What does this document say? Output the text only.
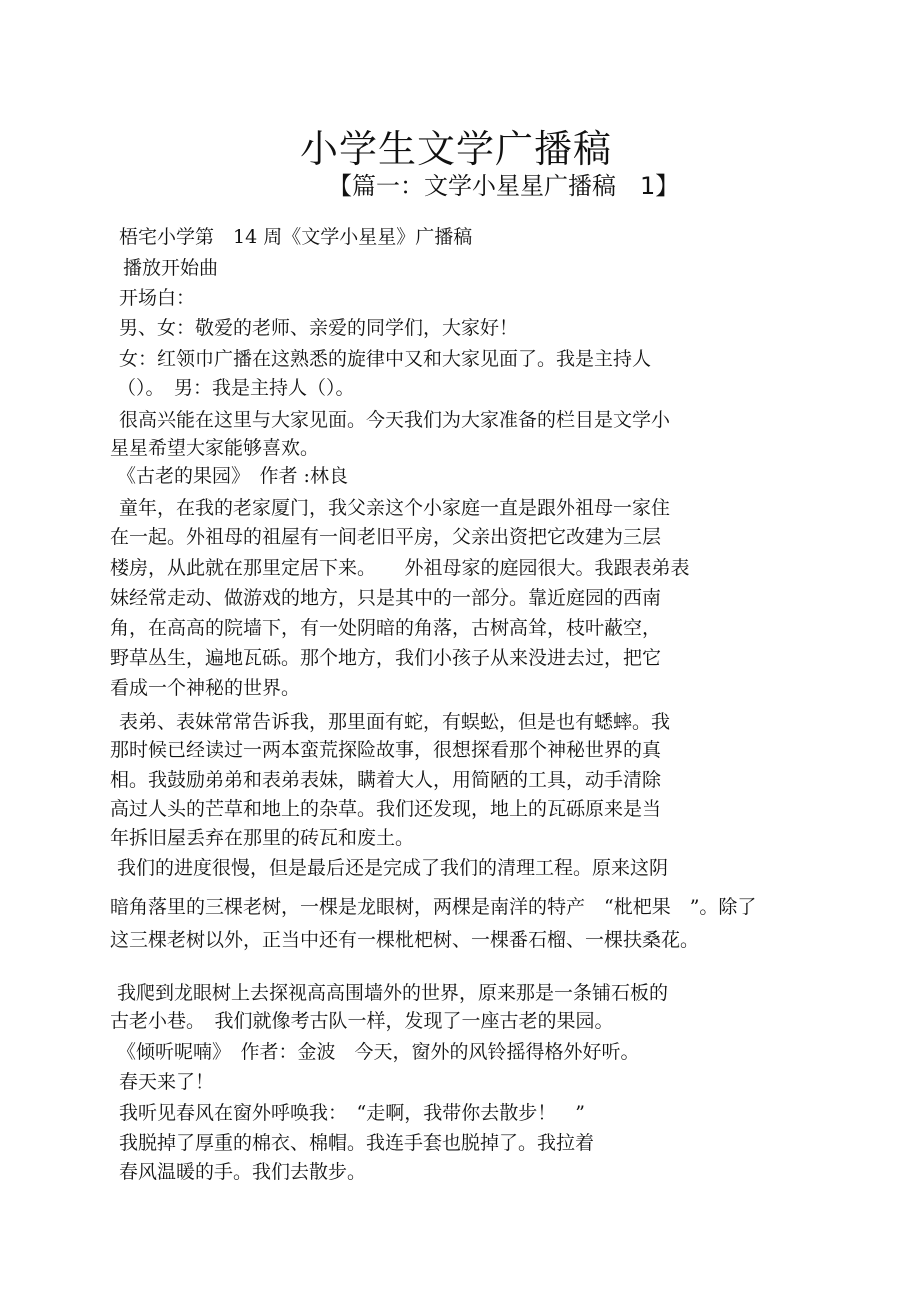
小学生文学广播稿
【篇一：文学小星星广播稿　1】
梧宅小学第　14 周《文学小星星》广播稿
播放开始曲
开场白：
男、女：敬爱的老师、亲爱的同学们，大家好！
女：红领巾广播在这熟悉的旋律中又和大家见面了。我是主持人
（）。　男：我是主持人（）。
很高兴能在这里与大家见面。今天我们为大家准备的栏目是文学小
星星希望大家能够喜欢。
《古老的果园》　作者 :林良
童年，在我的老家厦门，我父亲这个小家庭一直是跟外祖母一家住
在一起。外祖母的祖屋有一间老旧平房，父亲出资把它改建为三层
楼房，从此就在那里定居下来。　　外祖母家的庭园很大。我跟表弟表
妹经常走动、做游戏的地方，只是其中的一部分。靠近庭园的西南
角，在高高的院墙下，有一处阴暗的角落，古树高耸，枝叶蔽空，
野草丛生，遍地瓦砾。那个地方，我们小孩子从来没进去过，把它
看成一个神秘的世界。
表弟、表妹常常告诉我，那里面有蛇，有蜈蚣，但是也有蟋蟀。我
那时候已经读过一两本蛮荒探险故事，很想探看那个神秘世界的真
相。我鼓励弟弟和表弟表妹，瞒着大人，用简陋的工具，动手清除
高过人头的芒草和地上的杂草。我们还发现，地上的瓦砾原来是当
年拆旧屋丢弃在那里的砖瓦和废土。
我们的进度很慢，但是最后还是完成了我们的清理工程。原来这阴
暗角落里的三棵老树，一棵是龙眼树，两棵是南洋的特产　“枇杷果　”。除了
这三棵老树以外，正当中还有一棵枇杷树、一棵番石榴、一棵扶桑花。
我爬到龙眼树上去探视高高围墙外的世界，原来那是一条铺石板的
古老小巷。　我们就像考古队一样，发现了一座古老的果园。
《倾听呢喃》　作者：金波　今天，窗外的风铃摇得格外好听。
春天来了！
我听见春风在窗外呼唤我：　“走啊，我带你去散步！　”
我脱掉了厚重的棉衣、棉帽。我连手套也脱掉了。我拉着
春风温暖的手。我们去散步。
